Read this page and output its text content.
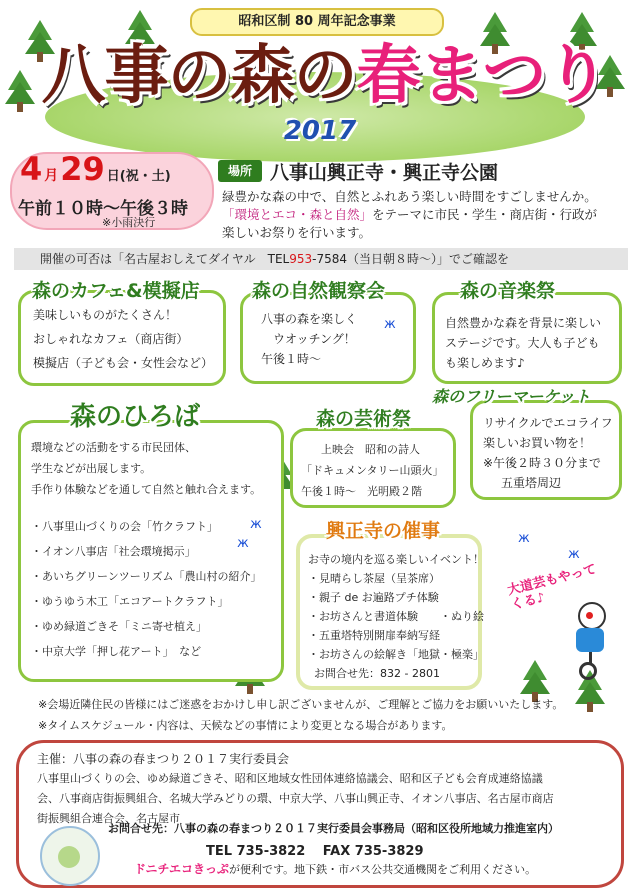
昭和区制 80 周年記念事業
八事の森の春まつり
2017
4 月29 日(祝・土)
午前１０時～午後３時
※小雨決行
場所 八事山興正寺・興正寺公園
緑豊かな森の中で、自然とふれあう楽しい時間をすごしませんか。
「環境とエコ・森と自然」をテーマに市民・学生・商店街・行政が
楽しいお祭りを行います。
開催の可否は「名古屋おしえてダイヤル　TEL953-7584（当日朝８時～）」でご確認を
美味しいものがたくさん！
おしゃれなカフェ（商店街）
模擬店（子ども会・女性会など）
森のカフェ&模擬店
八事の森を楽しく
ウオッチング！
午後１時～
森の自然観察会
ж	自然豊かな森を背景に楽しい
ステージです。大人も子ども
も楽しめます♪
森の音楽祭
リサイクルでエコライフ
楽しいお買い物を！
※午後２時３０分まで
五重塔周辺
森のフリーマーケット
環境などの活動をする市民団体、
学生などが出展します。
手作り体験などを通して自然と触れ合えます。
・八事里山づくりの会「竹クラフト」
・イオン八事店「社会環境掲示」
・あいちグリーンツーリズム「農山村の紹介」
・ゆうゆう木工「エコアートクラフト」
・ゆめ緑道ごきそ「ミニ寄せ植え」
・中京大学「押し花アート」　など
森のひろば
上映会　昭和の詩人
「ドキュメンタリー山頭火」
午後１時～　光明殿２階
森の芸術祭
ж
ж	ж
ж
お寺の境内を巡る楽しいイベント！
・見晴らし茶屋（呈茶席）
・親子 de お遍路プチ体験
・お坊さんと書道体験　　・ぬり絵
・五重塔特別開扉奉納写経
・お坊さんの絵解き「地獄・極楽」
お問合せ先：832 - 2801
興正寺の催事
大道芸もやってくる♪
※会場近隣住民の皆様にはご迷惑をおかけし申し訳ございませんが、ご理解とご協力をお願いいたします。
※タイムスケジュール・内容は、天候などの事情により変更となる場合があります。
主催：八事の森の春まつり２０１７実行委員会
八事里山づくりの会、ゆめ緑道ごきそ、昭和区地域女性団体連絡協議会、昭和区子ども会育成連絡協議
会、八事商店街振興組合、名城大学みどりの環、中京大学、八事山興正寺、イオン八事店、名古屋市商店
街振興組合連合会、名古屋市
お問合せ先：八事の森の春まつり２０１７実行委員会事務局（昭和区役所地域力推進室内）
TEL 735-3822　 FAX 735-3829
ドニチエコきっぷが便利です。地下鉄・市バス公共交通機関をご利用ください。
